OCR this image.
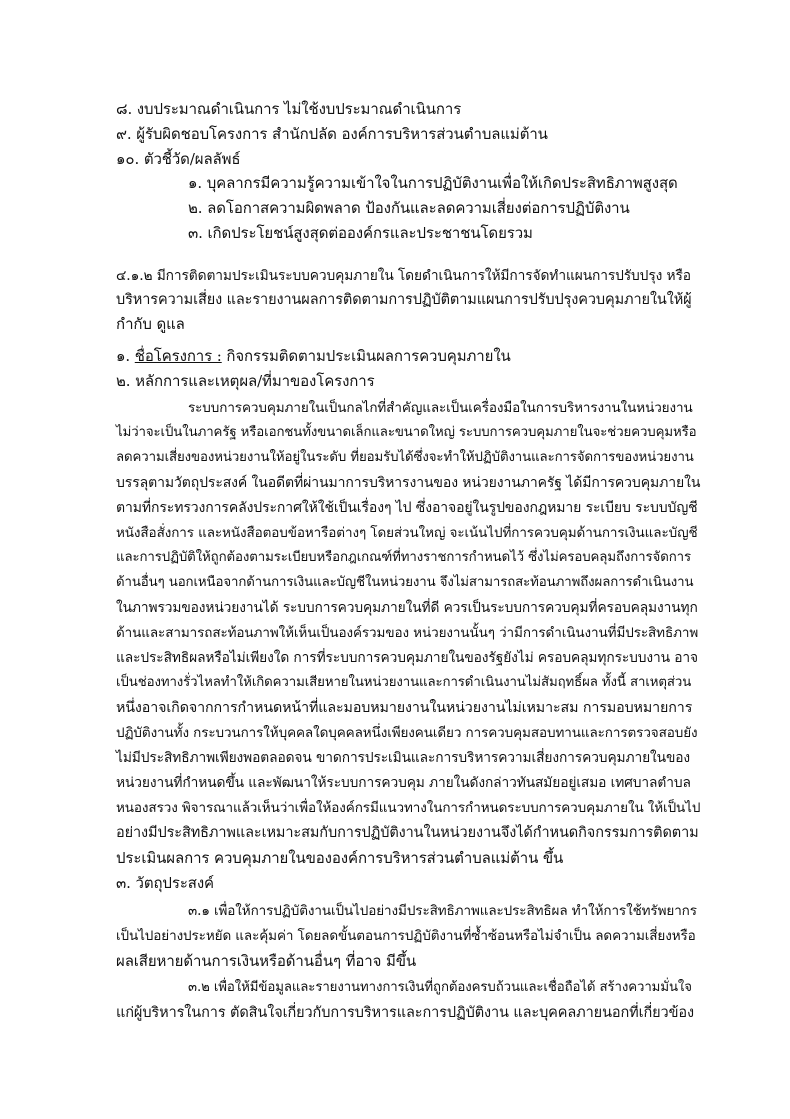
๘. งบประมาณดำเนินการ ไม่ใช้งบประมาณดำเนินการ
๙. ผู้รับผิดชอบโครงการ สำนักปลัด องค์การบริหารส่วนตำบลแม่ต้าน
๑๐. ตัวชี้วัด/ผลลัพธ์
๑. บุคลากรมีความรู้ความเข้าใจในการปฏิบัติงานเพื่อให้เกิดประสิทธิภาพสูงสุด
๒. ลดโอกาสความผิดพลาด ป้องกันและลดความเสี่ยงต่อการปฏิบัติงาน
๓. เกิดประโยชน์สูงสุดต่อองค์กรและประชาชนโดยรวม
๔.๑.๒ มีการติดตามประเมินระบบควบคุมภายใน โดยดำเนินการให้มีการจัดทำแผนการปรับปรุง หรือ
บริหารความเสี่ยง และรายงานผลการติดตามการปฏิบัติตามแผนการปรับปรุงควบคุมภายในให้ผู้
กำกับ ดูแล
๑. ชื่อโครงการ : กิจกรรมติดตามประเมินผลการควบคุมภายใน
๒. หลักการและเหตุผล/ที่มาของโครงการ
ระบบการควบคุมภายในเป็นกลไกที่สำคัญและเป็นเครื่องมือในการบริหารงานในหน่วยงาน
ไม่ว่าจะเป็นในภาครัฐ หรือเอกชนทั้งขนาดเล็กและขนาดใหญ่ ระบบการควบคุมภายในจะช่วยควบคุมหรือ
ลดความเสี่ยงของหน่วยงานให้อยู่ในระดับ ที่ยอมรับได้ซึ่งจะทำให้ปฏิบัติงานและการจัดการของหน่วยงาน
บรรลุตามวัตถุประสงค์ ในอดีตที่ผ่านมาการบริหารงานของ หน่วยงานภาครัฐ ได้มีการควบคุมภายใน
ตามที่กระทรวงการคลังประกาศให้ใช้เป็นเรื่องๆ ไป ซึ่งอาจอยู่ในรูปของกฎหมาย ระเบียบ ระบบบัญชี
หนังสือสั่งการ และหนังสือตอบข้อหารือต่างๆ โดยส่วนใหญ่ จะเน้นไปที่การควบคุมด้านการเงินและบัญชี
และการปฏิบัติให้ถูกต้องตามระเบียบหรือกฎเกณฑ์ที่ทางราชการกำหนดไว้ ซึ่งไม่ครอบคลุมถึงการจัดการ
ด้านอื่นๆ นอกเหนือจากด้านการเงินและบัญชีในหน่วยงาน จึงไม่สามารถสะท้อนภาพถึงผลการดำเนินงาน
ในภาพรวมของหน่วยงานได้ ระบบการควบคุมภายในที่ดี ควรเป็นระบบการควบคุมที่ครอบคลุมงานทุก
ด้านและสามารถสะท้อนภาพให้เห็นเป็นองค์รวมของ หน่วยงานนั้นๆ ว่ามีการดำเนินงานที่มีประสิทธิภาพ
และประสิทธิผลหรือไม่เพียงใด การที่ระบบการควบคุมภายในของรัฐยังไม่ ครอบคลุมทุกระบบงาน อาจ
เป็นช่องทางรั่วไหลทำให้เกิดความเสียหายในหน่วยงานและการดำเนินงานไม่สัมฤทธิ์ผล ทั้งนี้ สาเหตุส่วน
หนึ่งอาจเกิดจากการกำหนดหน้าที่และมอบหมายงานในหน่วยงานไม่เหมาะสม การมอบหมายการ
ปฏิบัติงานทั้ง กระบวนการให้บุคคลใดบุคคลหนึ่งเพียงคนเดียว การควบคุมสอบทานและการตรวจสอบยัง
ไม่มีประสิทธิภาพเพียงพอตลอดจน ขาดการประเมินและการบริหารความเสี่ยงการควบคุมภายในของ
หน่วยงานที่กำหนดขึ้น และพัฒนาให้ระบบการควบคุม ภายในดังกล่าวทันสมัยอยู่เสมอ เทศบาลตำบล
หนองสรวง พิจารณาแล้วเห็นว่าเพื่อให้องค์กรมีแนวทางในการกำหนดระบบการควบคุมภายใน ให้เป็นไป
อย่างมีประสิทธิภาพและเหมาะสมกับการปฏิบัติงานในหน่วยงานจึงได้กำหนดกิจกรรมการติดตาม
ประเมินผลการ ควบคุมภายในขององค์การบริหารส่วนตำบลแม่ต้าน ขึ้น
๓. วัตถุประสงค์
๓.๑ เพื่อให้การปฏิบัติงานเป็นไปอย่างมีประสิทธิภาพและประสิทธิผล ทำให้การใช้ทรัพยากร
เป็นไปอย่างประหยัด และคุ้มค่า โดยลดขั้นตอนการปฏิบัติงานที่ซ้ำซ้อนหรือไม่จำเป็น ลดความเสี่ยงหรือ
ผลเสียหายด้านการเงินหรือด้านอื่นๆ ที่อาจ มีขึ้น
๓.๒ เพื่อให้มีข้อมูลและรายงานทางการเงินที่ถูกต้องครบถ้วนและเชื่อถือได้ สร้างความมั่นใจ
แก่ผู้บริหารในการ ตัดสินใจเกี่ยวกับการบริหารและการปฏิบัติงาน และบุคคลภายนอกที่เกี่ยวข้อง
